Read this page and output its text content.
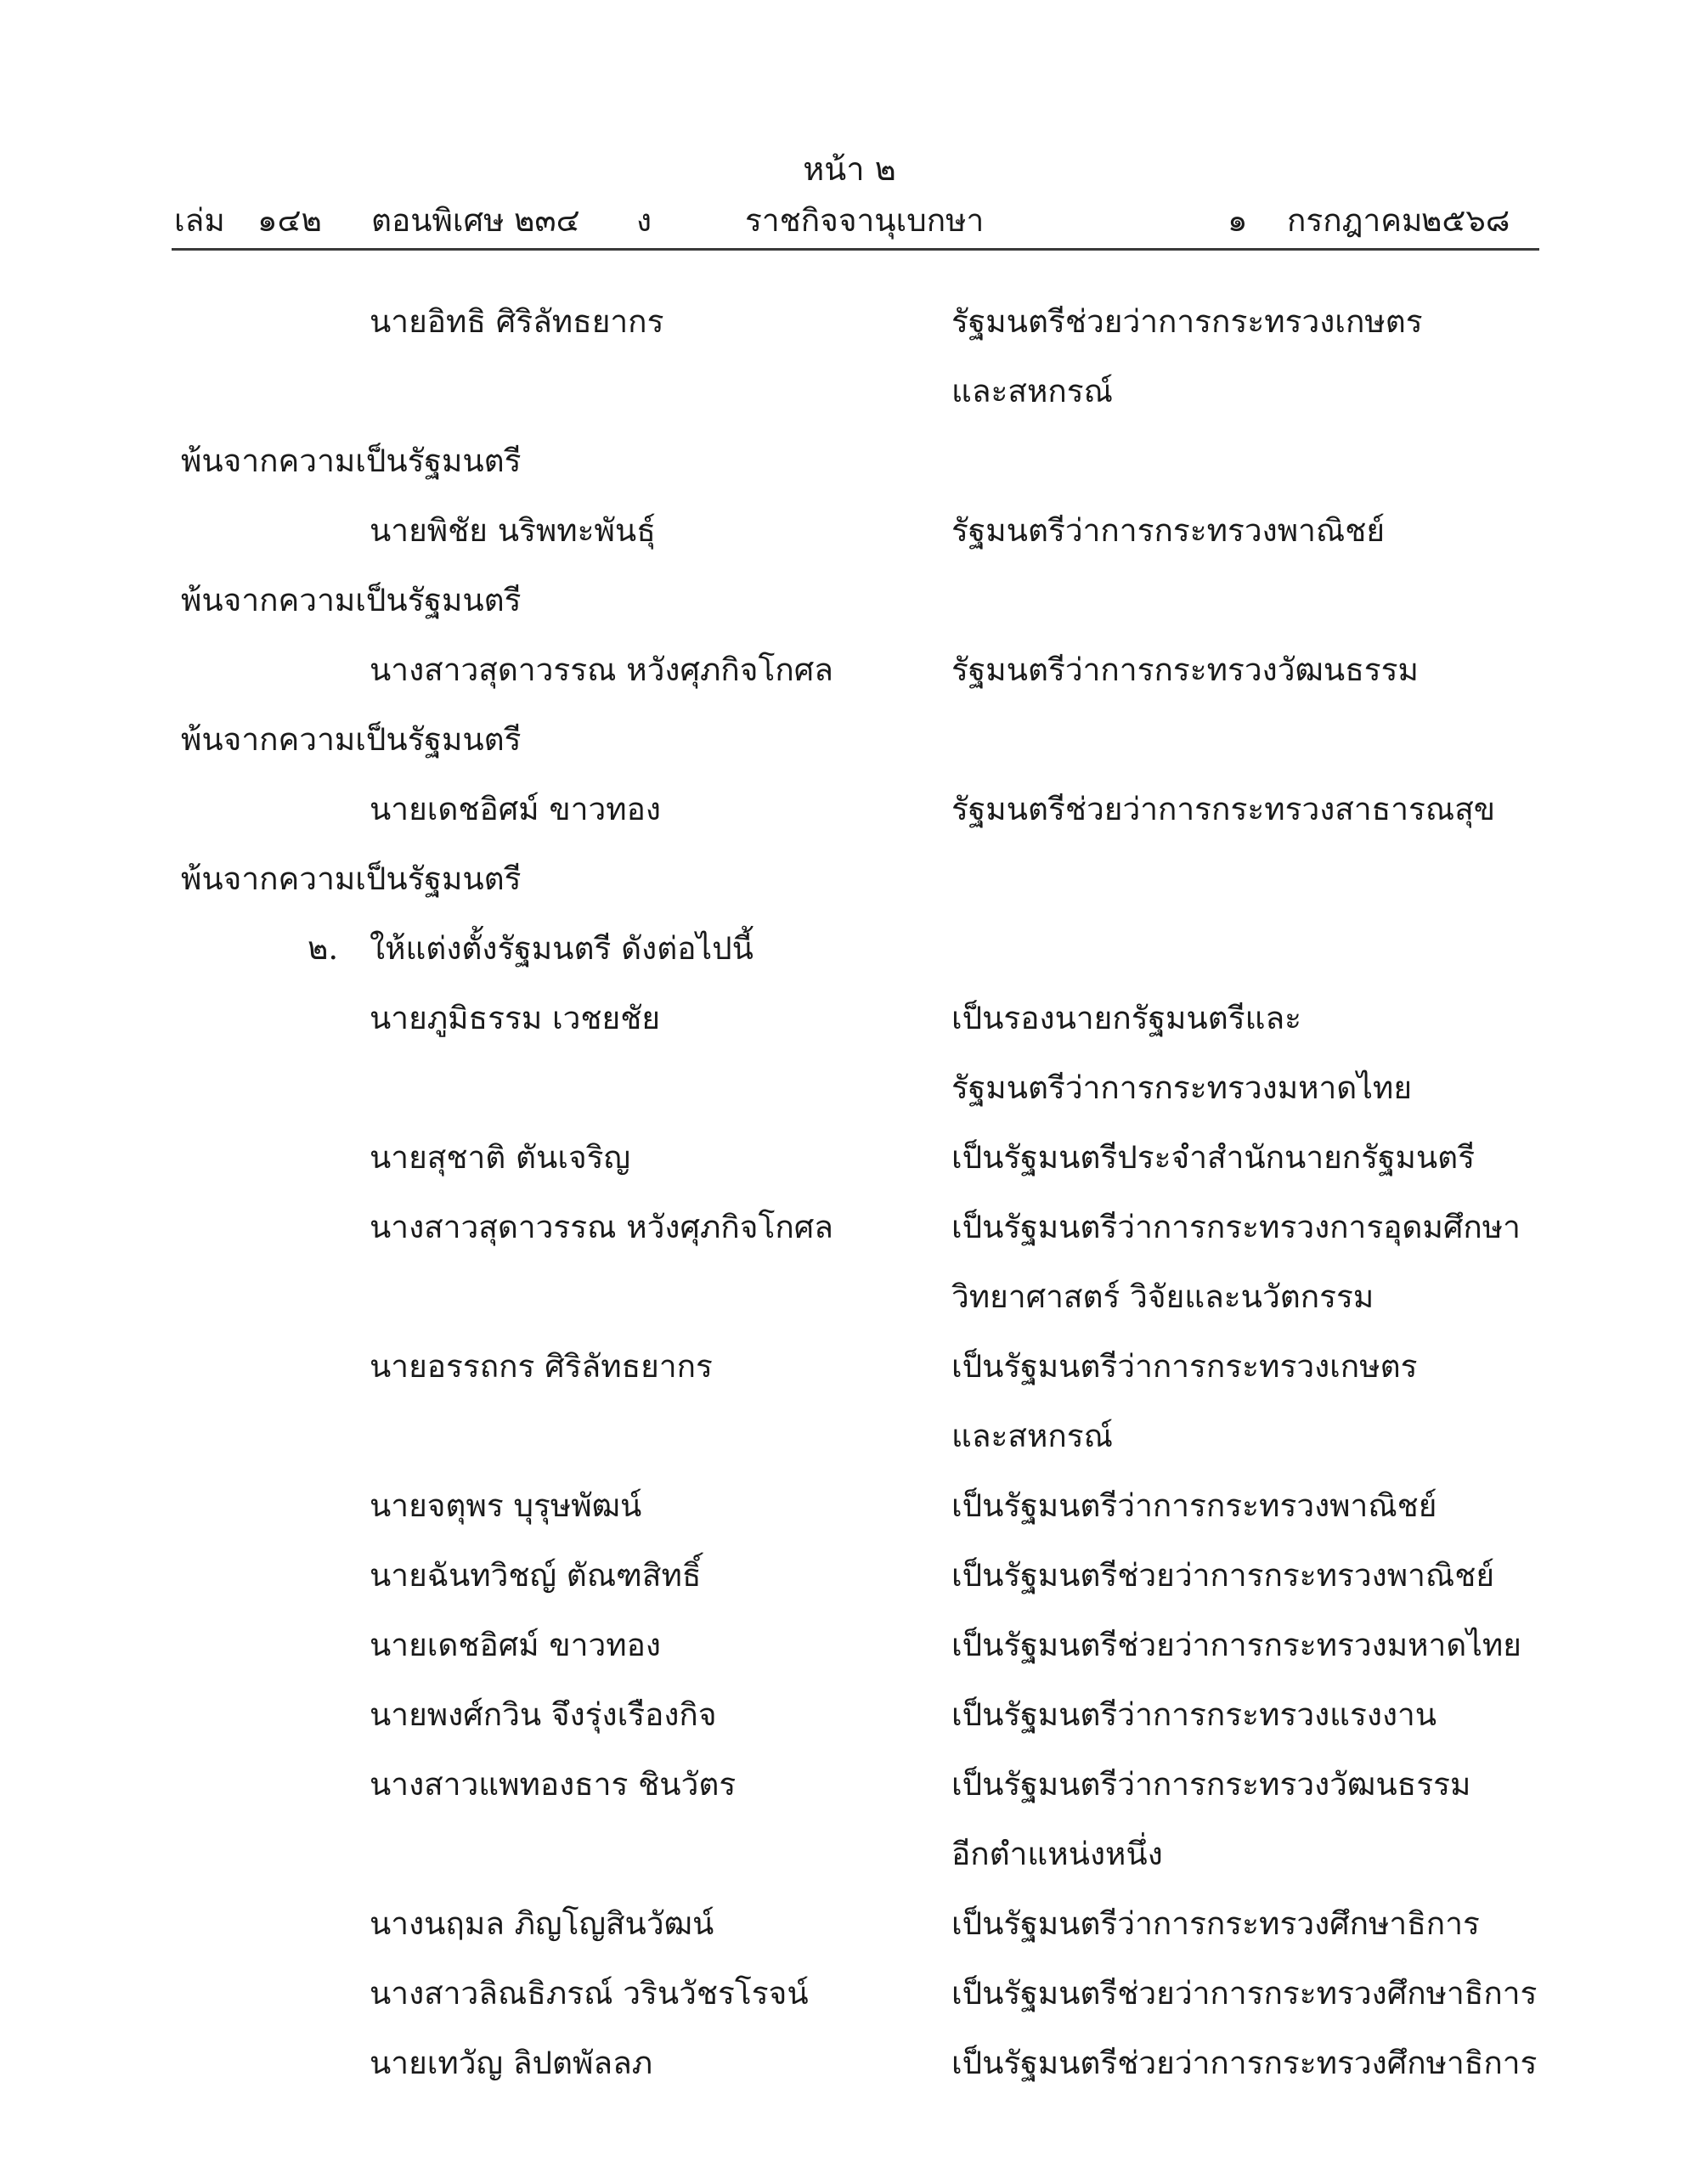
หน้า ๒
เล่ม ๑๔๒ ตอนพิเศษ ๒๓๔ ง	ราชกิจจานุเบกษา	๑ กรกฎาคม
๒๕๖๘
นายอิทธิ ศิริลัทธยากร	รัฐมนตรีช่วยว่าการกระทรวงเกษตร
และสหกรณ์
พ้นจากความเป็นรัฐมนตรี
นายพิชัย นริพทะพันธุ์	รัฐมนตรีว่าการกระทรวงพาณิชย์
พ้นจากความเป็นรัฐมนตรี
นางสาวสุดาวรรณ หวังศุภกิจโกศล	รัฐมนตรีว่าการกระทรวงวัฒนธรรม
พ้นจากความเป็นรัฐมนตรี
นายเดชอิศม์ ขาวทอง	รัฐมนตรีช่วยว่าการกระทรวงสาธารณสุข
พ้นจากความเป็นรัฐมนตรี
๒. ให้แต่งตั้งรัฐมนตรี ดังต่อไปนี้
นายภูมิธรรม เวชยชัย	เป็นรองนายกรัฐมนตรีและ
รัฐมนตรีว่าการกระทรวงมหาดไทย
นายสุชาติ ตันเจริญ	เป็นรัฐมนตรีประจำสำนักนายกรัฐมนตรี
นางสาวสุดาวรรณ หวังศุภกิจโกศล	เป็นรัฐมนตรีว่าการกระทรวงการอุดมศึกษา
วิทยาศาสตร์ วิจัยและนวัตกรรม
นายอรรถกร ศิริลัทธยากร	เป็นรัฐมนตรีว่าการกระทรวงเกษตร
และสหกรณ์
นายจตุพร บุรุษพัฒน์	เป็นรัฐมนตรีว่าการกระทรวงพาณิชย์
นายฉันทวิชญ์ ตัณฑสิทธิ์	เป็นรัฐมนตรีช่วยว่าการกระทรวงพาณิชย์
นายเดชอิศม์ ขาวทอง	เป็นรัฐมนตรีช่วยว่าการกระทรวงมหาดไทย
นายพงศ์กวิน จึงรุ่งเรืองกิจ	เป็นรัฐมนตรีว่าการกระทรวงแรงงาน
นางสาวแพทองธาร ชินวัตร	เป็นรัฐมนตรีว่าการกระทรวงวัฒนธรรม
อีกตำแหน่งหนึ่ง
นางนฤมล ภิญโญสินวัฒน์	เป็นรัฐมนตรีว่าการกระทรวงศึกษาธิการ
นางสาวลิณธิภรณ์ วรินวัชรโรจน์	เป็นรัฐมนตรีช่วยว่าการกระทรวงศึกษาธิการ
นายเทวัญ ลิปตพัลลภ	เป็นรัฐมนตรีช่วยว่าการกระทรวงศึกษาธิการ
